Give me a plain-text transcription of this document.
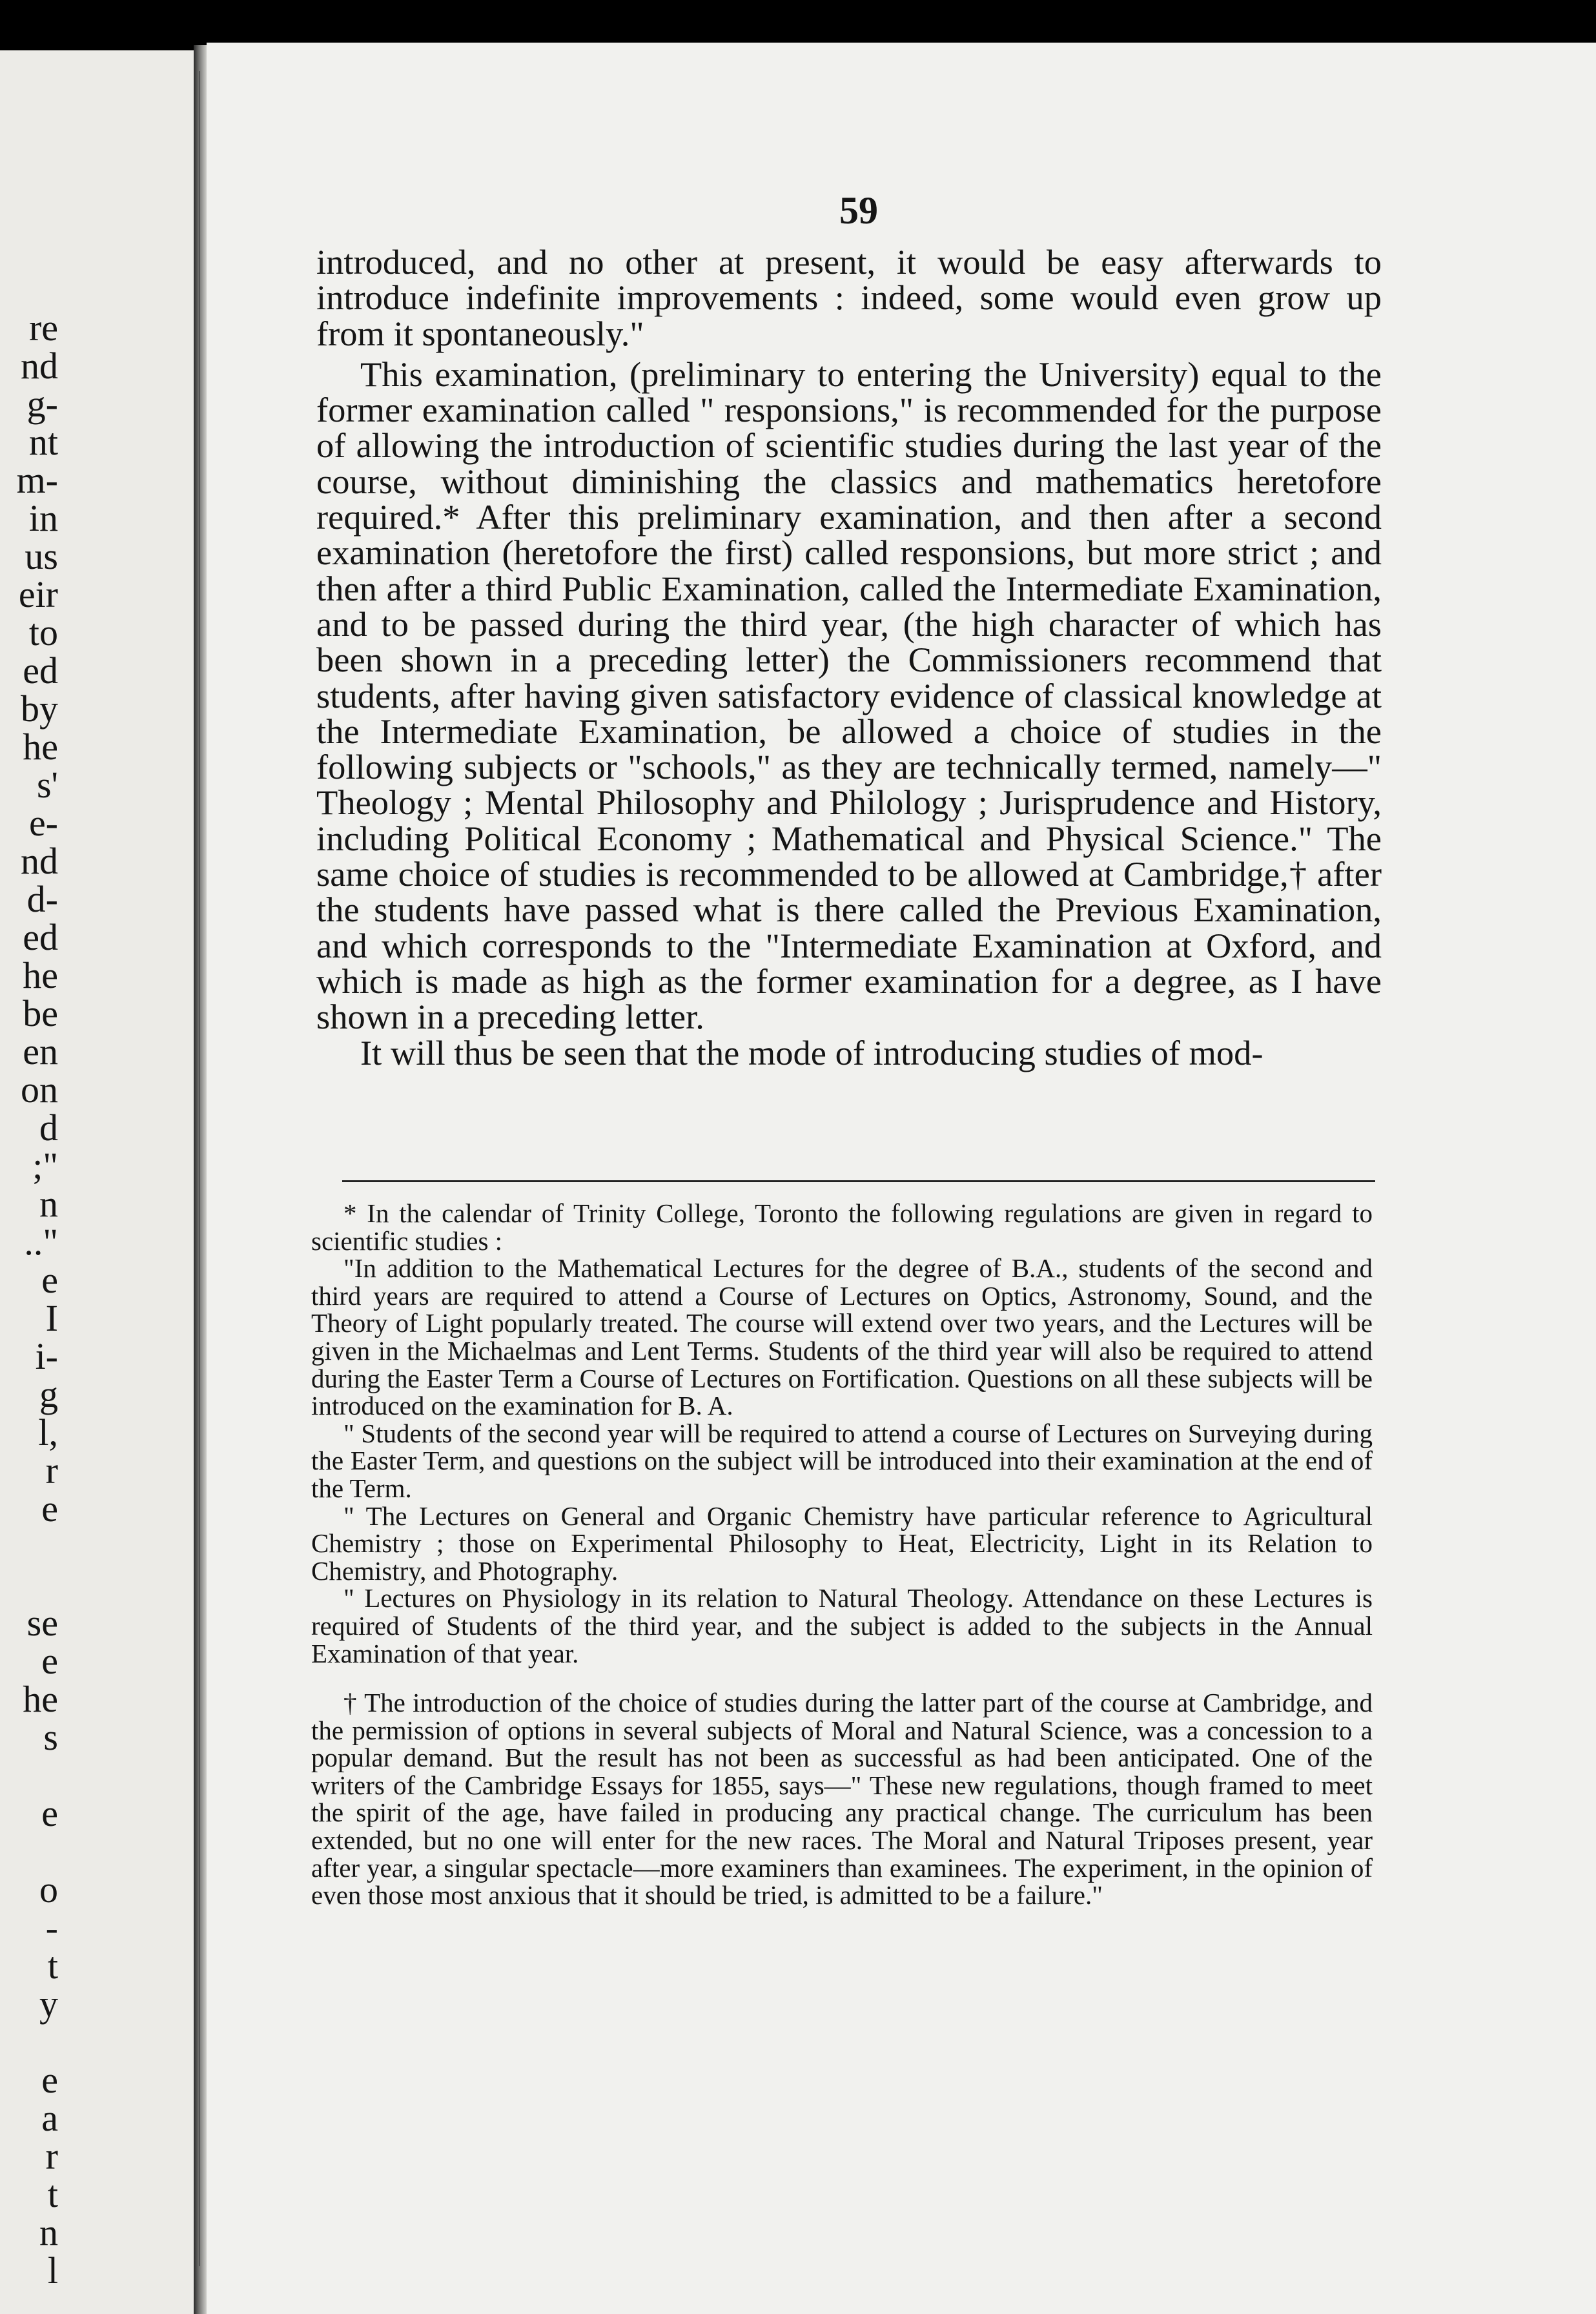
re
nd
g-
nt
m-
in
us
eir
to
ed
by
he
s'
e-
nd
d-
ed
he
be
en
on
d
;"
n
.."
e
I
i-
g
l,
r
e
se
e
he
s
e
o
-
t
y
e
a
r
t
n
l
59

introduced, and no other at present, it would be easy afterwards to introduce indefinite improvements : indeed, some would even grow up from it spontaneously."

This examination, (preliminary to entering the University) equal to the former examination called " responsions," is recommended for the purpose of allowing the introduction of scientific studies during the last year of the course, without diminishing the classics and mathematics heretofore required.* After this preliminary examination, and then after a second examination (heretofore the first) called responsions, but more strict ; and then after a third Public Examination, called the Intermediate Examination, and to be passed during the third year, (the high character of which has been shown in a preceding letter) the Commissioners recommend that students, after having given satisfactory evidence of classical knowledge at the Intermediate Examination, be allowed a choice of studies in the following subjects or "schools," as they are technically termed, namely—" Theology ; Mental Philosophy and Philology ; Jurisprudence and History, including Political Economy ; Mathematical and Physical Science." The same choice of studies is recommended to be allowed at Cambridge,† after the students have passed what is there called the Previous Examination, and which corresponds to the "Intermediate Examination at Oxford, and which is made as high as the former examination for a degree, as I have shown in a preceding letter.

It will thus be seen that the mode of introducing studies of mod-

* In the calendar of Trinity College, Toronto the following regulations are given in regard to scientific studies :

"In addition to the Mathematical Lectures for the degree of B.A., students of the second and third years are required to attend a Course of Lectures on Optics, Astronomy, Sound, and the Theory of Light popularly treated. The course will extend over two years, and the Lectures will be given in the Michaelmas and Lent Terms. Students of the third year will also be required to attend during the Easter Term a Course of Lectures on Fortification. Questions on all these subjects will be introduced on the examination for B. A.

" Students of the second year will be required to attend a course of Lectures on Surveying during the Easter Term, and questions on the subject will be introduced into their examination at the end of the Term.

" The Lectures on General and Organic Chemistry have particular reference to Agricultural Chemistry ; those on Experimental Philosophy to Heat, Electricity, Light in its Relation to Chemistry, and Photography.

" Lectures on Physiology in its relation to Natural Theology. Attendance on these Lectures is required of Students of the third year, and the subject is added to the subjects in the Annual Examination of that year.

† The introduction of the choice of studies during the latter part of the course at Cambridge, and the permission of options in several subjects of Moral and Natural Science, was a concession to a popular demand. But the result has not been as successful as had been anticipated. One of the writers of the Cambridge Essays for 1855, says—" These new regulations, though framed to meet the spirit of the age, have failed in producing any practical change. The curriculum has been extended, but no one will enter for the new races. The Moral and Natural Triposes present, year after year, a singular spectacle—more examiners than examinees. The experiment, in the opinion of even those most anxious that it should be tried, is admitted to be a failure."
